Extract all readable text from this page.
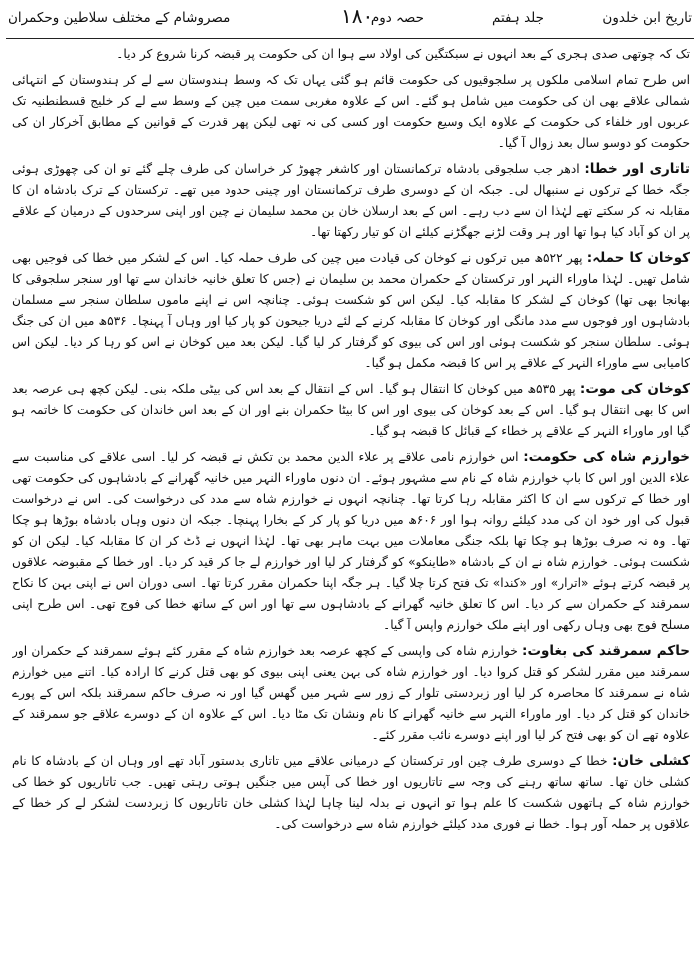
تاریخ ابن خلدون
جلد ہفتم
حصہ دوم
۱۸۰
مصروشام کے مختلف سلاطین وحکمران

تک کہ چوتھی صدی ہجری کے بعد انہوں نے سبکتگین کی اولاد سے ہوا ان کی حکومت پر قبضہ کرنا شروع کر دیا۔

اس طرح تمام اسلامی ملکوں پر سلجوقیوں کی حکومت قائم ہو گئی یہاں تک کہ وسط ہندوستان سے لے کر ہندوستان کے انتہائی شمالی علاقے بھی ان کی حکومت میں شامل ہو گئے۔ اس کے علاوہ مغربی سمت میں چین کے وسط سے لے کر خلیج قسطنطنیہ تک عربوں اور خلفاء کی حکومت کے علاوہ ایک وسیع حکومت اور کسی کی نہ تھی لیکن پھر قدرت کے قوانین کے مطابق آخرکار ان کی حکومت کو دوسو سال بعد زوال آ گیا۔

تاتاری اور خطا: ادھر جب سلجوقی بادشاہ ترکمانستان اور کاشغر چھوڑ کر خراسان کی طرف چلے گئے تو ان کی چھوڑی ہوئی جگہ خطا کے ترکوں نے سنبھال لی۔ جبکہ ان کے دوسری طرف ترکمانستان اور چینی حدود میں تھے۔ ترکستان کے ترک بادشاہ ان کا مقابلہ نہ کر سکتے تھے لہٰذا ان سے دب رہے۔ اس کے بعد ارسلان خان بن محمد سلیمان نے چین اور اپنی سرحدوں کے درمیان کے علاقے پر ان کو آباد کیا ہوا تھا اور ہر وقت لڑنے جھگڑنے کیلئے ان کو تیار رکھتا تھا۔

کوخان کا حملہ: پھر ۵۲۲ھ میں ترکوں نے کوخان کی قیادت میں چین کی طرف حملہ کیا۔ اس کے لشکر میں خطا کی فوجیں بھی شامل تھیں۔ لہٰذا ماوراء النہر اور ترکستان کے حکمران محمد بن سلیمان نے (جس کا تعلق خانیہ خاندان سے تھا اور سنجر سلجوقی کا بھانجا بھی تھا) کوخان کے لشکر کا مقابلہ کیا۔ لیکن اس کو شکست ہوئی۔ چنانچہ اس نے اپنے ماموں سلطان سنجر سے مسلمان بادشاہوں اور فوجوں سے مدد مانگی اور کوخان کا مقابلہ کرنے کے لئے دریا جیحون کو پار کیا اور وہاں آ پہنچا۔ ۵۳۶ھ میں ان کی جنگ ہوئی۔ سلطان سنجر کو شکست ہوئی اور اس کی بیوی کو گرفتار کر لیا گیا۔ لیکن بعد میں کوخان نے اس کو رہا کر دیا۔ لیکن اس کامیابی سے ماوراء النہر کے علاقے پر اس کا قبضہ مکمل ہو گیا۔

کوخان کی موت: پھر ۵۳۵ھ میں کوخان کا انتقال ہو گیا۔ اس کے انتقال کے بعد اس کی بیٹی ملکہ بنی۔ لیکن کچھ ہی عرصہ بعد اس کا بھی انتقال ہو گیا۔ اس کے بعد کوخان کی بیوی اور اس کا بیٹا حکمران بنے اور ان کے بعد اس خاندان کی حکومت کا خاتمہ ہو گیا اور ماوراء النہر کے علاقے پر خطاء کے قبائل کا قبضہ ہو گیا۔

خوارزم شاہ کی حکومت: اس خوارزم نامی علاقے پر علاء الدین محمد بن تکش نے قبضہ کر لیا۔ اسی علاقے کی مناسبت سے علاء الدین اور اس کا باپ خوارزم شاہ کے نام سے مشہور ہوئے۔ ان دنوں ماوراء النہر میں خانیہ گھرانے کے بادشاہوں کی حکومت تھی اور خطا کے ترکوں سے ان کا اکثر مقابلہ رہا کرتا تھا۔ چنانچہ انہوں نے خوارزم شاہ سے مدد کی درخواست کی۔ اس نے درخواست قبول کی اور خود ان کی مدد کیلئے روانہ ہوا اور ۶۰۶ھ میں دریا کو پار کر کے بخارا پہنچا۔ جبکہ ان دنوں وہاں بادشاہ بوڑھا ہو چکا تھا۔ وہ نہ صرف بوڑھا ہو چکا تھا بلکہ جنگی معاملات میں بہت ماہر بھی تھا۔ لہٰذا انہوں نے ڈٹ کر ان کا مقابلہ کیا۔ لیکن ان کو شکست ہوئی۔ خوارزم شاہ نے ان کے بادشاہ «طاینکو» کو گرفتار کر لیا اور خوارزم لے جا کر قید کر دیا۔ اور خطا کے مقبوضہ علاقوں پر قبضہ کرتے ہوئے «اترار» اور «کندا» تک فتح کرتا چلا گیا۔ ہر جگہ اپنا حکمران مقرر کرتا تھا۔ اسی دوران اس نے اپنی بہن کا نکاح سمرقند کے حکمران سے کر دیا۔ اس کا تعلق خانیہ گھرانے کے بادشاہوں سے تھا اور اس کے ساتھ خطا کی فوج تھی۔ اس طرح اپنی مسلح فوج بھی وہاں رکھی اور اپنے ملک خوارزم واپس آ گیا۔

حاکم سمرقند کی بغاوت: خوارزم شاہ کی واپسی کے کچھ عرصہ بعد خوارزم شاہ کے مقرر کئے ہوئے سمرقند کے حکمران اور سمرقند میں مقرر لشکر کو قتل کروا دیا۔ اور خوارزم شاہ کی بہن یعنی اپنی بیوی کو بھی قتل کرنے کا ارادہ کیا۔ اتنے میں خوارزم شاہ نے سمرقند کا محاصرہ کر لیا اور زبردستی تلوار کے زور سے شہر میں گھس گیا اور نہ صرف حاکم سمرقند بلکہ اس کے پورے خاندان کو قتل کر دیا۔ اور ماوراء النہر سے خانیہ گھرانے کا نام ونشان تک مٹا دیا۔ اس کے علاوہ ان کے دوسرے علاقے جو سمرقند کے علاوہ تھے ان کو بھی فتح کر لیا اور اپنے دوسرے نائب مقرر کئے۔

کشلی خان: خطا کے دوسری طرف چین اور ترکستان کے درمیانی علاقے میں تاتاری بدستور آباد تھے اور وہاں ان کے بادشاہ کا نام کشلی خان تھا۔ ساتھ ساتھ رہنے کی وجہ سے تاتاریوں اور خطا کی آپس میں جنگیں ہوتی رہتی تھیں۔ جب تاتاریوں کو خطا کی خوارزم شاہ کے ہاتھوں شکست کا علم ہوا تو انہوں نے بدلہ لینا چاہا لہٰذا کشلی خان تاتاریوں کا زبردست لشکر لے کر خطا کے علاقوں پر حملہ آور ہوا۔ خطا نے فوری مدد کیلئے خوارزم شاہ سے درخواست کی۔
